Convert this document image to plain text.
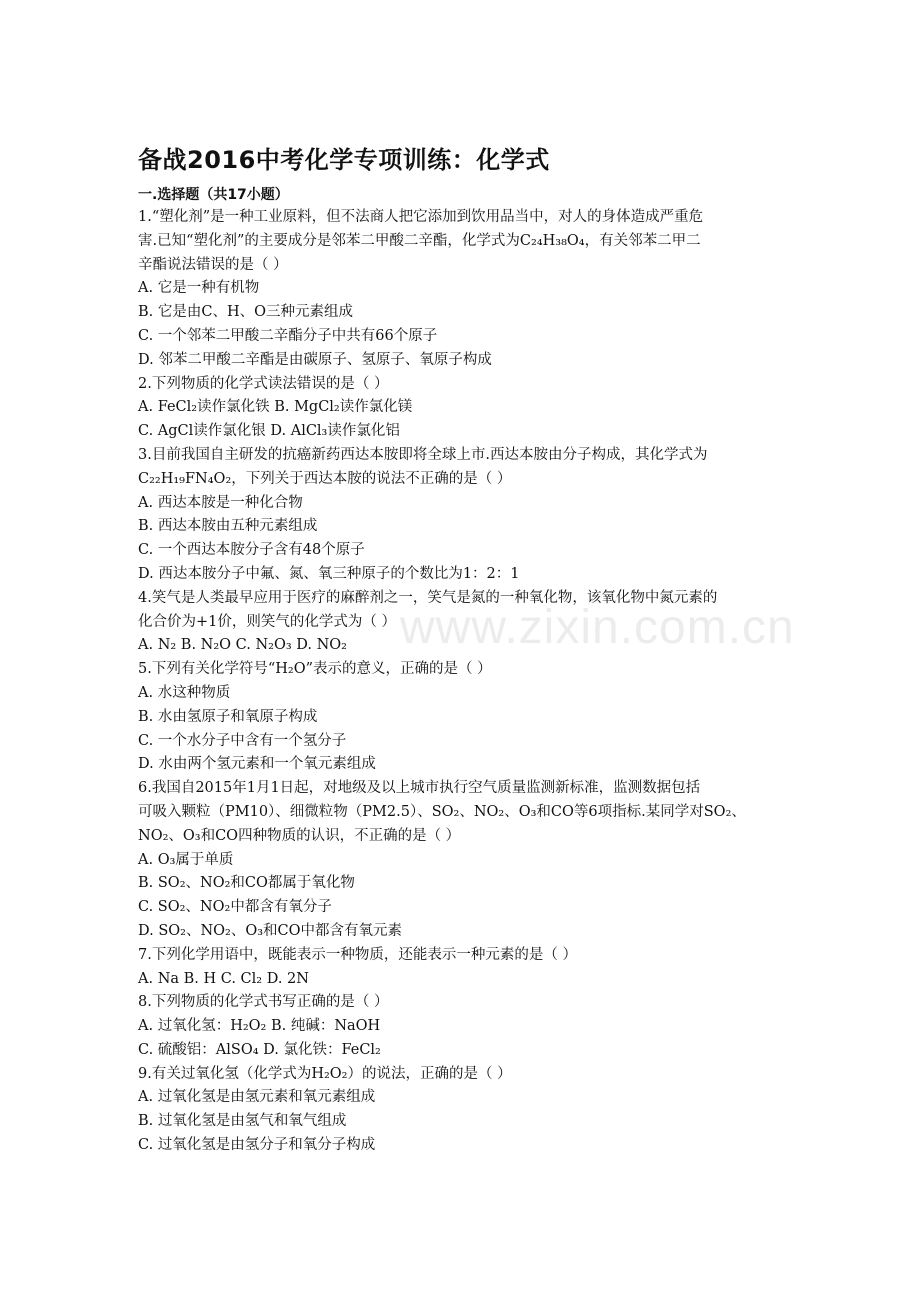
www.zixin.com.cn
备战2016中考化学专项训练：化学式
一.选择题（共17小题）
1.“塑化剂”是一种工业原料，但不法商人把它添加到饮用品当中，对人的身体造成严重危
害.已知“塑化剂”的主要成分是邻苯二甲酸二辛酯，化学式为C₂₄H₃₈O₄，有关邻苯二甲二
辛酯说法错误的是（ ）
A. 它是一种有机物
B. 它是由C、H、O三种元素组成
C. 一个邻苯二甲酸二辛酯分子中共有66个原子
D. 邻苯二甲酸二辛酯是由碳原子、氢原子、氧原子构成
2.下列物质的化学式读法错误的是（ ）
A. FeCl₂读作氯化铁 B. MgCl₂读作氯化镁
C. AgCl读作氯化银 D. AlCl₃读作氯化铝
3.目前我国自主研发的抗癌新药西达本胺即将全球上市.西达本胺由分子构成，其化学式为
C₂₂H₁₉FN₄O₂，下列关于西达本胺的说法不正确的是（ ）
A. 西达本胺是一种化合物
B. 西达本胺由五种元素组成
C. 一个西达本胺分子含有48个原子
D. 西达本胺分子中氟、氮、氧三种原子的个数比为1：2：1
4.笑气是人类最早应用于医疗的麻醉剂之一，笑气是氮的一种氧化物，该氧化物中氮元素的
化合价为+1价，则笑气的化学式为（ ）
A. N₂ B. N₂O C. N₂O₃ D. NO₂
5.下列有关化学符号“H₂O”表示的意义，正确的是（ ）
A. 水这种物质
B. 水由氢原子和氧原子构成
C. 一个水分子中含有一个氢分子
D. 水由两个氢元素和一个氧元素组成
6.我国自2015年1月1日起，对地级及以上城市执行空气质量监测新标准，监测数据包括
可吸入颗粒（PM10）、细微粒物（PM2.5）、SO₂、NO₂、O₃和CO等6项指标.某同学对SO₂、
NO₂、O₃和CO四种物质的认识，不正确的是（ ）
A. O₃属于单质
B. SO₂、NO₂和CO都属于氧化物
C. SO₂、NO₂中都含有氧分子
D. SO₂、NO₂、O₃和CO中都含有氧元素
7.下列化学用语中，既能表示一种物质，还能表示一种元素的是（ ）
A. Na B. H C. Cl₂ D. 2N
8.下列物质的化学式书写正确的是（ ）
A. 过氧化氢：H₂O₂ B. 纯碱：NaOH
C. 硫酸铝：AlSO₄ D. 氯化铁：FeCl₂
9.有关过氧化氢（化学式为H₂O₂）的说法，正确的是（ ）
A. 过氧化氢是由氢元素和氧元素组成
B. 过氧化氢是由氢气和氧气组成
C. 过氧化氢是由氢分子和氧分子构成
